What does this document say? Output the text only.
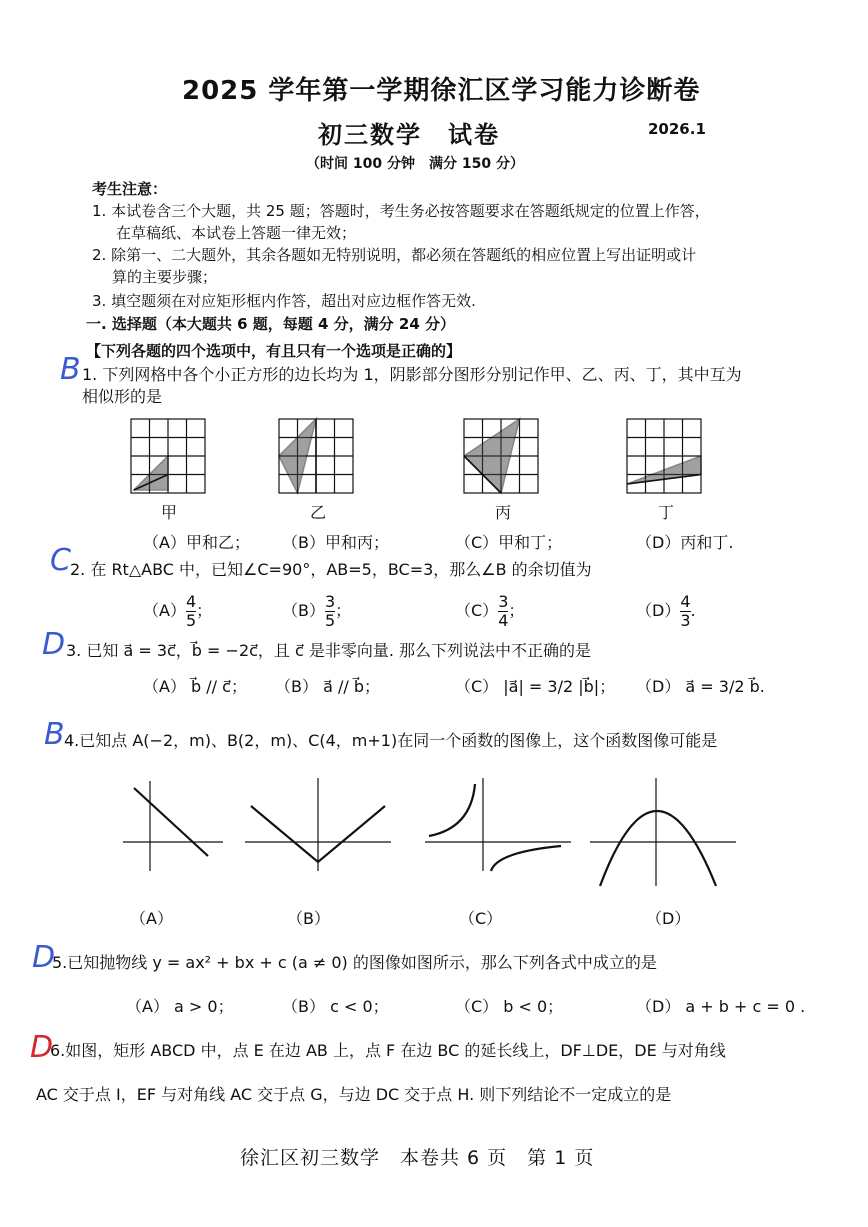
2025 学年第一学期徐汇区学习能力诊断卷
初三数学　试卷	2026.1
（时间 100 分钟　满分 150 分）
考生注意：
1. 本试卷含三个大题，共 25 题；答题时，考生务必按答题要求在答题纸规定的位置上作答，
在草稿纸、本试卷上答题一律无效；
2. 除第一、二大题外，其余各题如无特别说明，都必须在答题纸的相应位置上写出证明或计
算的主要步骤；
3. 填空题须在对应矩形框内作答，超出对应边框作答无效.
一. 选择题（本大题共 6 题，每题 4 分，满分 24 分）
【下列各题的四个选项中，有且只有一个选项是正确的】
B 1. 下列网格中各个小正方形的边长均为 1，阴影部分图形分别记作甲、乙、丙、丁，其中互为
相似形的是
甲	乙	丙	丁
（A）甲和乙； （B）甲和丙；	（C）甲和丁；	（D）丙和丁.
C 2. 在 Rt△ABC 中，已知∠C=90°，AB=5，BC=3，那么∠B 的余切值为
$(A) \frac{4}{5}$ ；	$(B) \frac{3}{5}$ ；	$(C) \frac{3}{4}$ ；	$(D) \frac{4}{3}$ .
D 3. 已知 a⃗ = 3c⃗，b⃗ = −2c⃗，且 c⃗ 是非零向量. 那么下列说法中不正确的是
（A） b⃗ // c⃗； （B） a⃗ // b⃗；	（C） |a⃗| = 3/2 |b⃗|； （D） a⃗ = 3/2 b⃗.
B 4.已知点 A(−2，m)、B(2，m)、C(4，m+1)在同一个函数的图像上，这个函数图像可能是
（A）	（B）	（C）	（D）
D
5.已知抛物线 y = ax² + bx + c (a ≠ 0) 的图像如图所示，那么下列各式中成立的是
（A） a > 0；	（B） c < 0；	（C） b < 0；	（D） a + b + c = 0 .
D
6.如图，矩形 ABCD 中，点 E 在边 AB 上，点 F 在边 BC 的延长线上，DF⊥DE，DE 与对角线
AC 交于点 I，EF 与对角线 AC 交于点 G，与边 DC 交于点 H. 则下列结论不一定成立的是
徐汇区初三数学　本卷共 6 页　第 1 页
